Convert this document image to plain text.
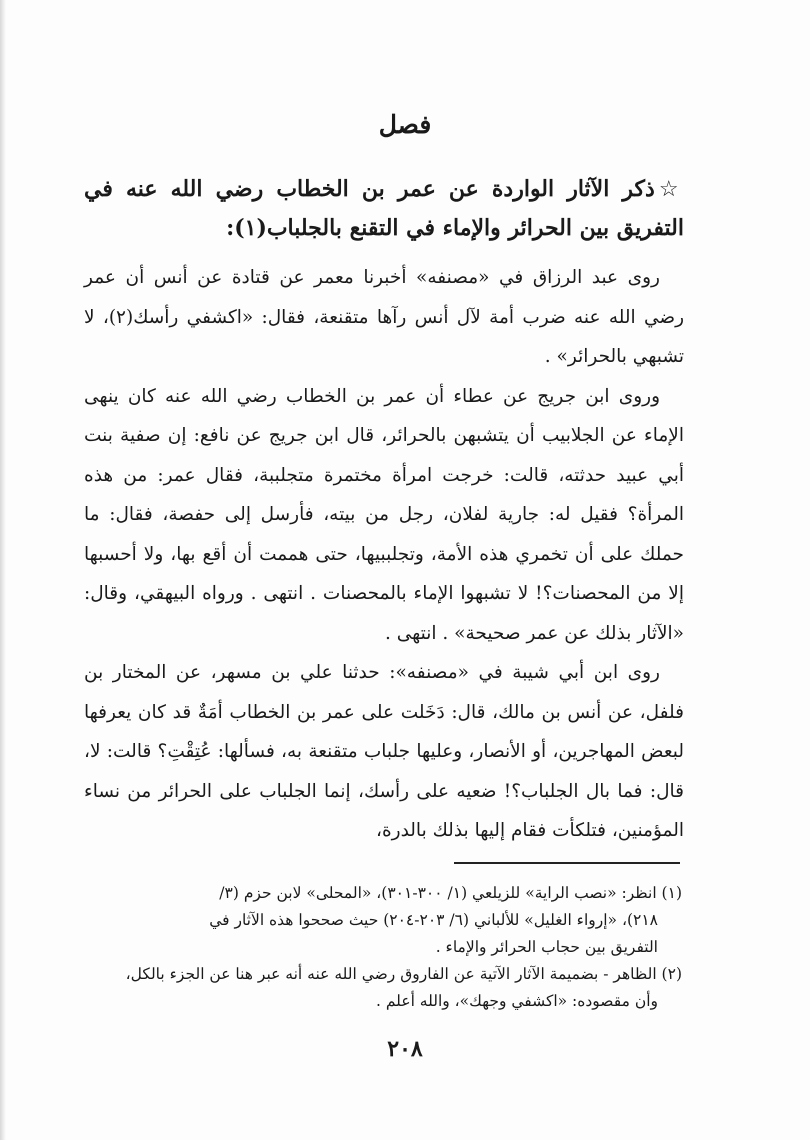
فصل
☆ذكر الآثار الواردة عن عمر بن الخطاب رضي الله عنه في التفريق بين الحرائر والإماء في التقنع بالجلباب(١):

روى عبد الرزاق في «مصنفه» أخبرنا معمر عن قتادة عن أنس أن عمر رضي الله عنه ضرب أمة لآل أنس رآها متقنعة، فقال: «اكشفي رأسك(٢)، لا تشبهي بالحرائر» .

وروى ابن جريج عن عطاء أن عمر بن الخطاب رضي الله عنه كان ينهى الإماء عن الجلابيب أن يتشبهن بالحرائر، قال ابن جريج عن نافع: إن صفية بنت أبي عبيد حدثته، قالت: خرجت امرأة مختمرة متجلببة، فقال عمر: من هذه المرأة؟ فقيل له: جارية لفلان، رجل من بيته، فأرسل إلى حفصة، فقال: ما حملك على أن تخمري هذه الأمة، وتجلببيها، حتى هممت أن أقع بها، ولا أحسبها إلا من المحصنات؟! لا تشبهوا الإماء بالمحصنات . انتهى . ورواه البيهقي، وقال: «الآثار بذلك عن عمر صحيحة» . انتهى .

روى ابن أبي شيبة في «مصنفه»: حدثنا علي بن مسهر، عن المختار بن فلفل، عن أنس بن مالك، قال: دَخَلت على عمر بن الخطاب أمَةٌ قد كان يعرفها لبعض المهاجرين، أو الأنصار، وعليها جلباب متقنعة به، فسألها: عُتِقْتِ؟ قالت: لا، قال: فما بال الجلباب؟! ضعيه على رأسك، إنما الجلباب على الحرائر من نساء المؤمنين، فتلكأت فقام إليها بذلك بالدرة،

(١) انظر: «نصب الراية» للزيلعي (١/ ٣٠٠-٣٠١)، «المحلى» لابن حزم (٣/

٢١٨)، «إرواء الغليل» للألباني (٦/ ٢٠٣-٢٠٤) حيث صححوا هذه الآثار في

التفريق بين حجاب الحرائر والإماء .

(٢) الظاهر - بضميمة الآثار الآتية عن الفاروق رضي الله عنه أنه عبر هنا عن الجزء بالكل،

وأن مقصوده: «اكشفي وجهك»، والله أعلم .

٢٠٨
